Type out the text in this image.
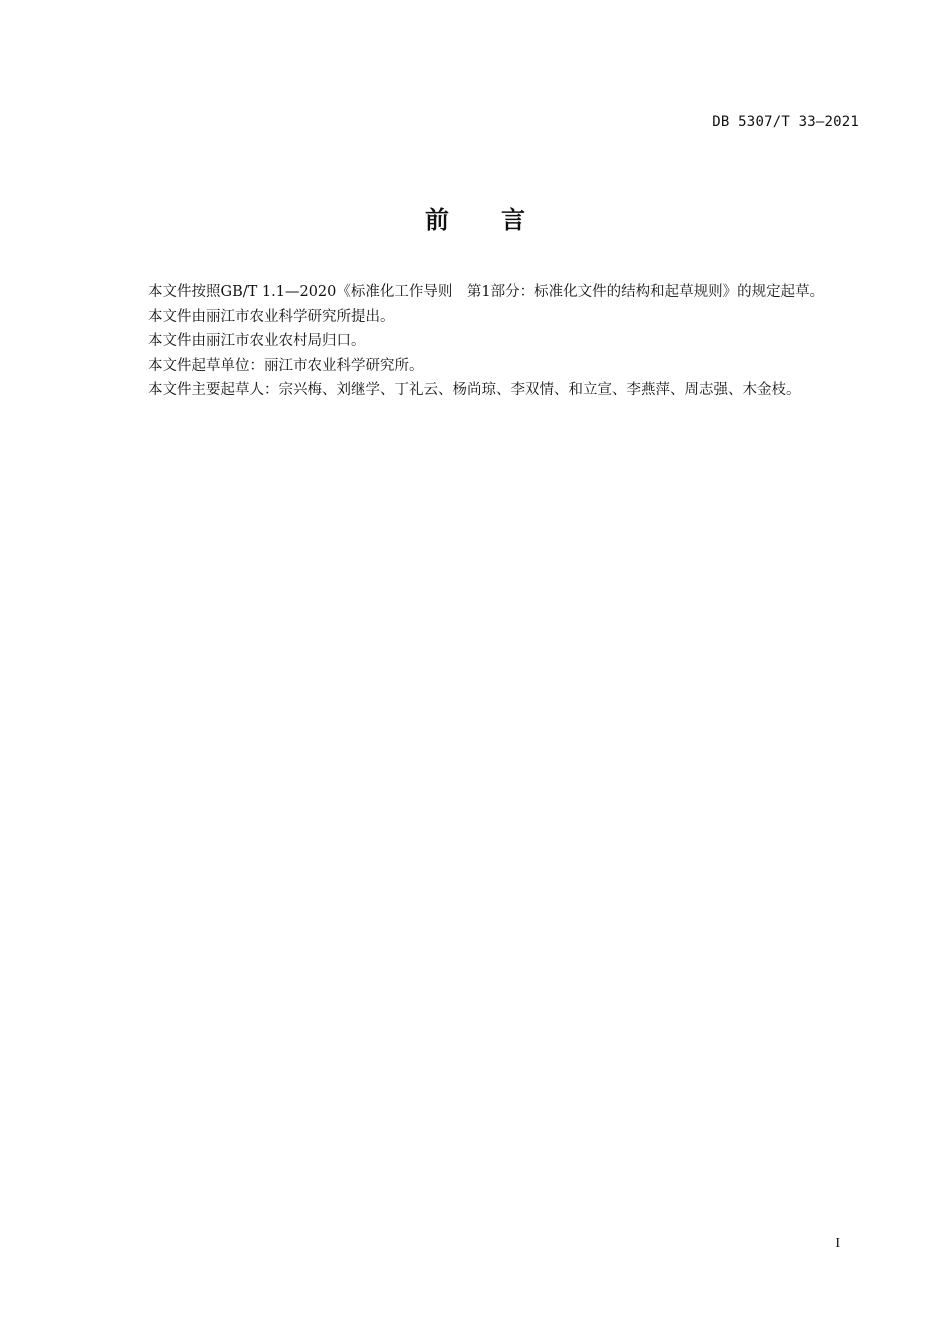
DB 5307/T 33—2021
前 言

本文件按照GB/T 1.1—2020《标准化工作导则　第1部分：标准化文件的结构和起草规则》的规定起草。

本文件由丽江市农业科学研究所提出。

本文件由丽江市农业农村局归口。

本文件起草单位：丽江市农业科学研究所。

本文件主要起草人：宗兴梅、刘继学、丁礼云、杨尚琼、李双情、和立宣、李燕萍、周志强、木金枝。

I
